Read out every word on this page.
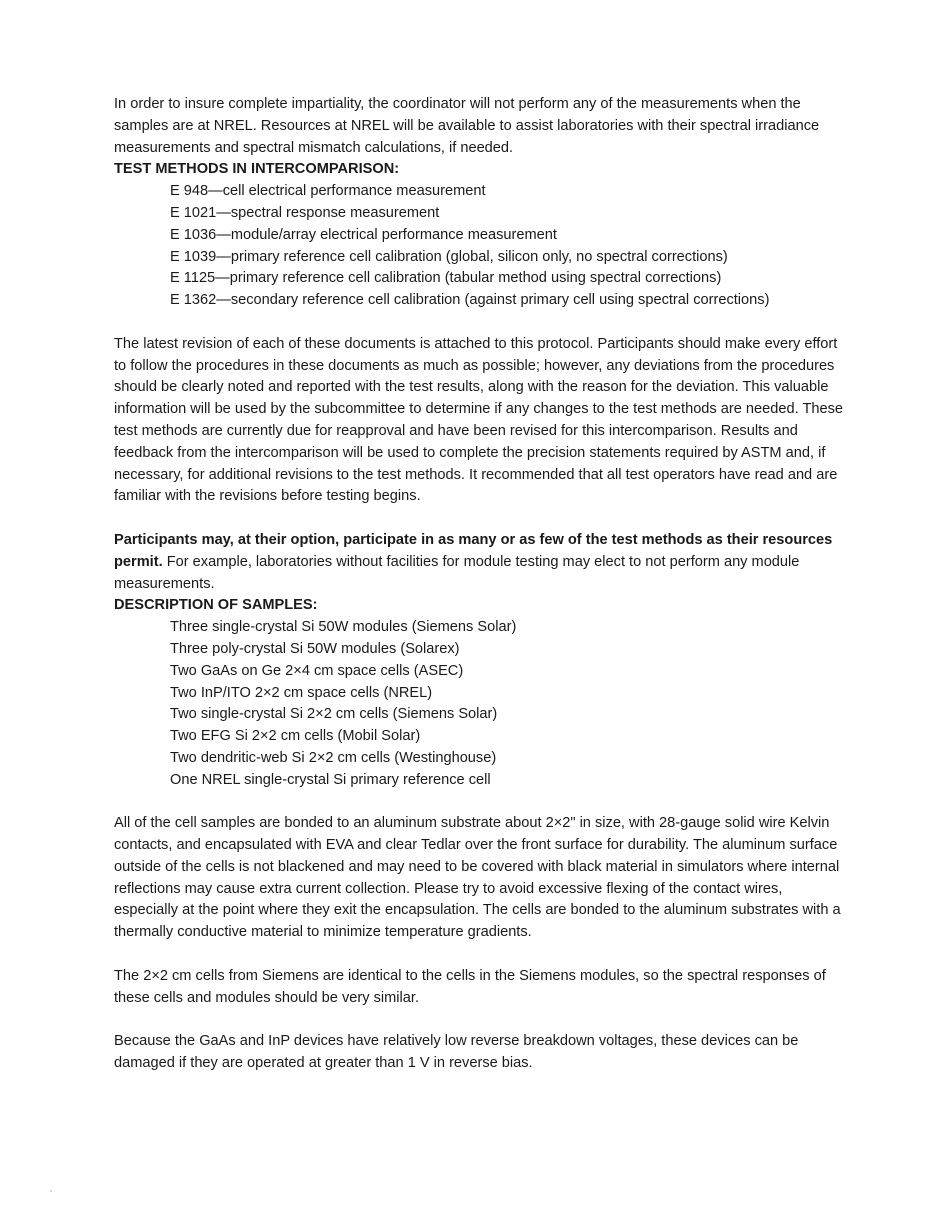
In order to insure complete impartiality, the coordinator will not perform any of the measurements when the samples are at NREL. Resources at NREL will be available to assist laboratories with their spectral irradiance measurements and spectral mismatch calculations, if needed.

TEST METHODS IN INTERCOMPARISON:

E 948—cell electrical performance measurement
E 1021—spectral response measurement
E 1036—module/array electrical performance measurement
E 1039—primary reference cell calibration (global, silicon only, no spectral corrections)
E 1125—primary reference cell calibration (tabular method using spectral corrections)
E 1362—secondary reference cell calibration (against primary cell using spectral corrections)

The latest revision of each of these documents is attached to this protocol. Participants should make every effort to follow the procedures in these documents as much as possible; however, any deviations from the procedures should be clearly noted and reported with the test results, along with the reason for the deviation. This valuable information will be used by the subcommittee to determine if any changes to the test methods are needed. These test methods are currently due for reapproval and have been revised for this intercomparison. Results and feedback from the intercomparison will be used to complete the precision statements required by ASTM and, if necessary, for additional revisions to the test methods. It recommended that all test operators have read and are familiar with the revisions before testing begins.

Participants may, at their option, participate in as many or as few of the test methods as their resources permit. For example, laboratories without facilities for module testing may elect to not perform any module measurements.

DESCRIPTION OF SAMPLES:

Three single-crystal Si 50W modules (Siemens Solar)
Three poly-crystal Si 50W modules (Solarex)
Two GaAs on Ge 2×4 cm space cells (ASEC)
Two InP/ITO 2×2 cm space cells (NREL)
Two single-crystal Si 2×2 cm cells (Siemens Solar)
Two EFG Si 2×2 cm cells (Mobil Solar)
Two dendritic-web Si 2×2 cm cells (Westinghouse)
One NREL single-crystal Si primary reference cell

All of the cell samples are bonded to an aluminum substrate about 2×2" in size, with 28-gauge solid wire Kelvin contacts, and encapsulated with EVA and clear Tedlar over the front surface for durability. The aluminum surface outside of the cells is not blackened and may need to be covered with black material in simulators where internal reflections may cause extra current collection. Please try to avoid excessive flexing of the contact wires, especially at the point where they exit the encapsulation. The cells are bonded to the aluminum substrates with a thermally conductive material to minimize temperature gradients.

The 2×2 cm cells from Siemens are identical to the cells in the Siemens modules, so the spectral responses of these cells and modules should be very similar.

Because the GaAs and InP devices have relatively low reverse breakdown voltages, these devices can be damaged if they are operated at greater than 1 V in reverse bias.
